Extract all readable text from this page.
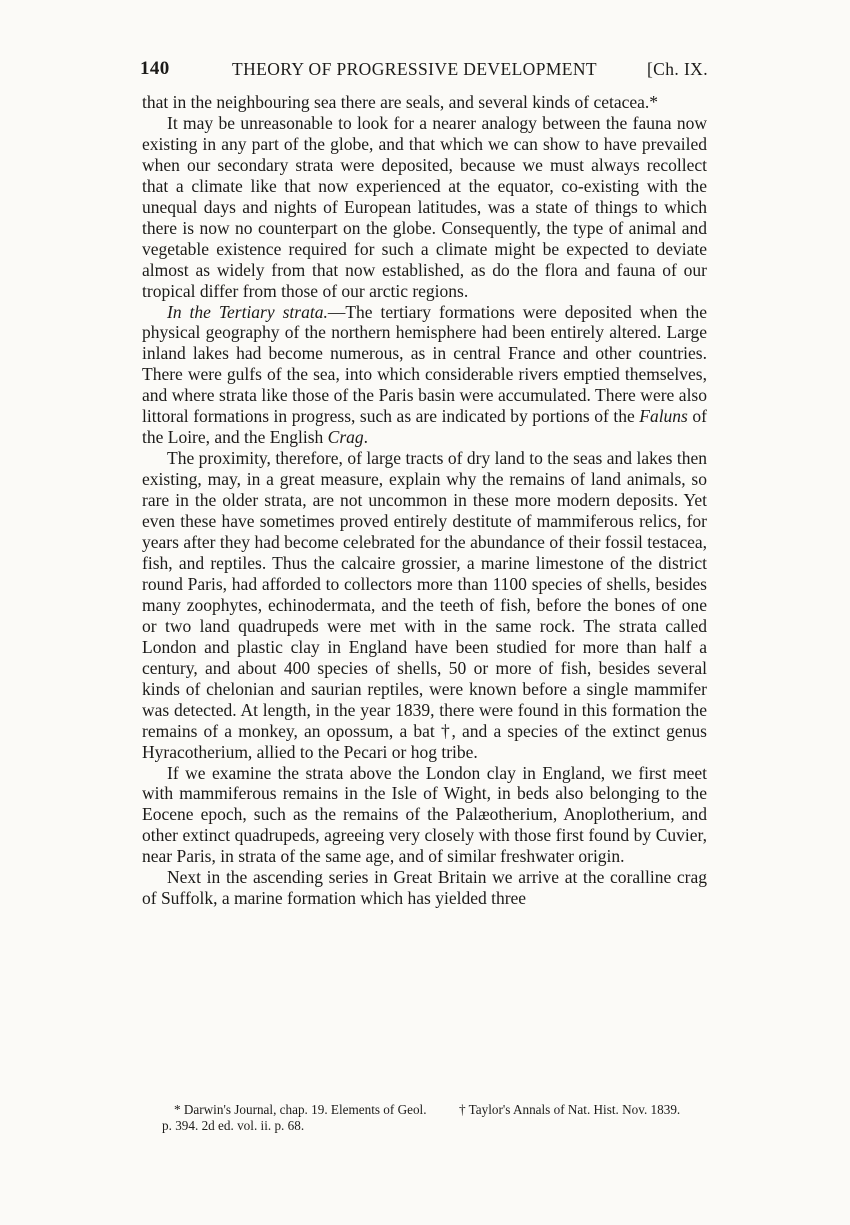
140	THEORY OF PROGRESSIVE DEVELOPMENT	[Ch. IX.

that in the neighbouring sea there are seals, and several kinds of cetacea.*

It may be unreasonable to look for a nearer analogy between the fauna now existing in any part of the globe, and that which we can show to have prevailed when our secondary strata were deposited, because we must always recollect that a climate like that now experienced at the equator, co-existing with the unequal days and nights of European latitudes, was a state of things to which there is now no counterpart on the globe. Consequently, the type of animal and vegetable existence required for such a climate might be expected to deviate almost as widely from that now established, as do the flora and fauna of our tropical differ from those of our arctic regions.

In the Tertiary strata.—The tertiary formations were deposited when the physical geography of the northern hemisphere had been entirely altered. Large inland lakes had become numerous, as in central France and other countries. There were gulfs of the sea, into which considerable rivers emptied themselves, and where strata like those of the Paris basin were accumulated. There were also littoral formations in progress, such as are indicated by portions of the Faluns of the Loire, and the English Crag.

The proximity, therefore, of large tracts of dry land to the seas and lakes then existing, may, in a great measure, explain why the remains of land animals, so rare in the older strata, are not uncommon in these more modern deposits. Yet even these have sometimes proved entirely destitute of mammiferous relics, for years after they had become celebrated for the abundance of their fossil testacea, fish, and reptiles. Thus the calcaire grossier, a marine limestone of the district round Paris, had afforded to collectors more than 1100 species of shells, besides many zoophytes, echinodermata, and the teeth of fish, before the bones of one or two land quadrupeds were met with in the same rock. The strata called London and plastic clay in England have been studied for more than half a century, and about 400 species of shells, 50 or more of fish, besides several kinds of chelonian and saurian reptiles, were known before a single mammifer was detected. At length, in the year 1839, there were found in this formation the remains of a monkey, an opossum, a bat †, and a species of the extinct genus Hyracotherium, allied to the Pecari or hog tribe.

If we examine the strata above the London clay in England, we first meet with mammiferous remains in the Isle of Wight, in beds also belonging to the Eocene epoch, such as the remains of the Palæotherium, Anoplotherium, and other extinct quadrupeds, agreeing very closely with those first found by Cuvier, near Paris, in strata of the same age, and of similar freshwater origin.

Next in the ascending series in Great Britain we arrive at the coralline crag of Suffolk, a marine formation which has yielded three

* Darwin's Journal, chap. 19. Elements of Geol. p. 394. 2d ed. vol. ii. p. 68.
† Taylor's Annals of Nat. Hist. Nov. 1839.
